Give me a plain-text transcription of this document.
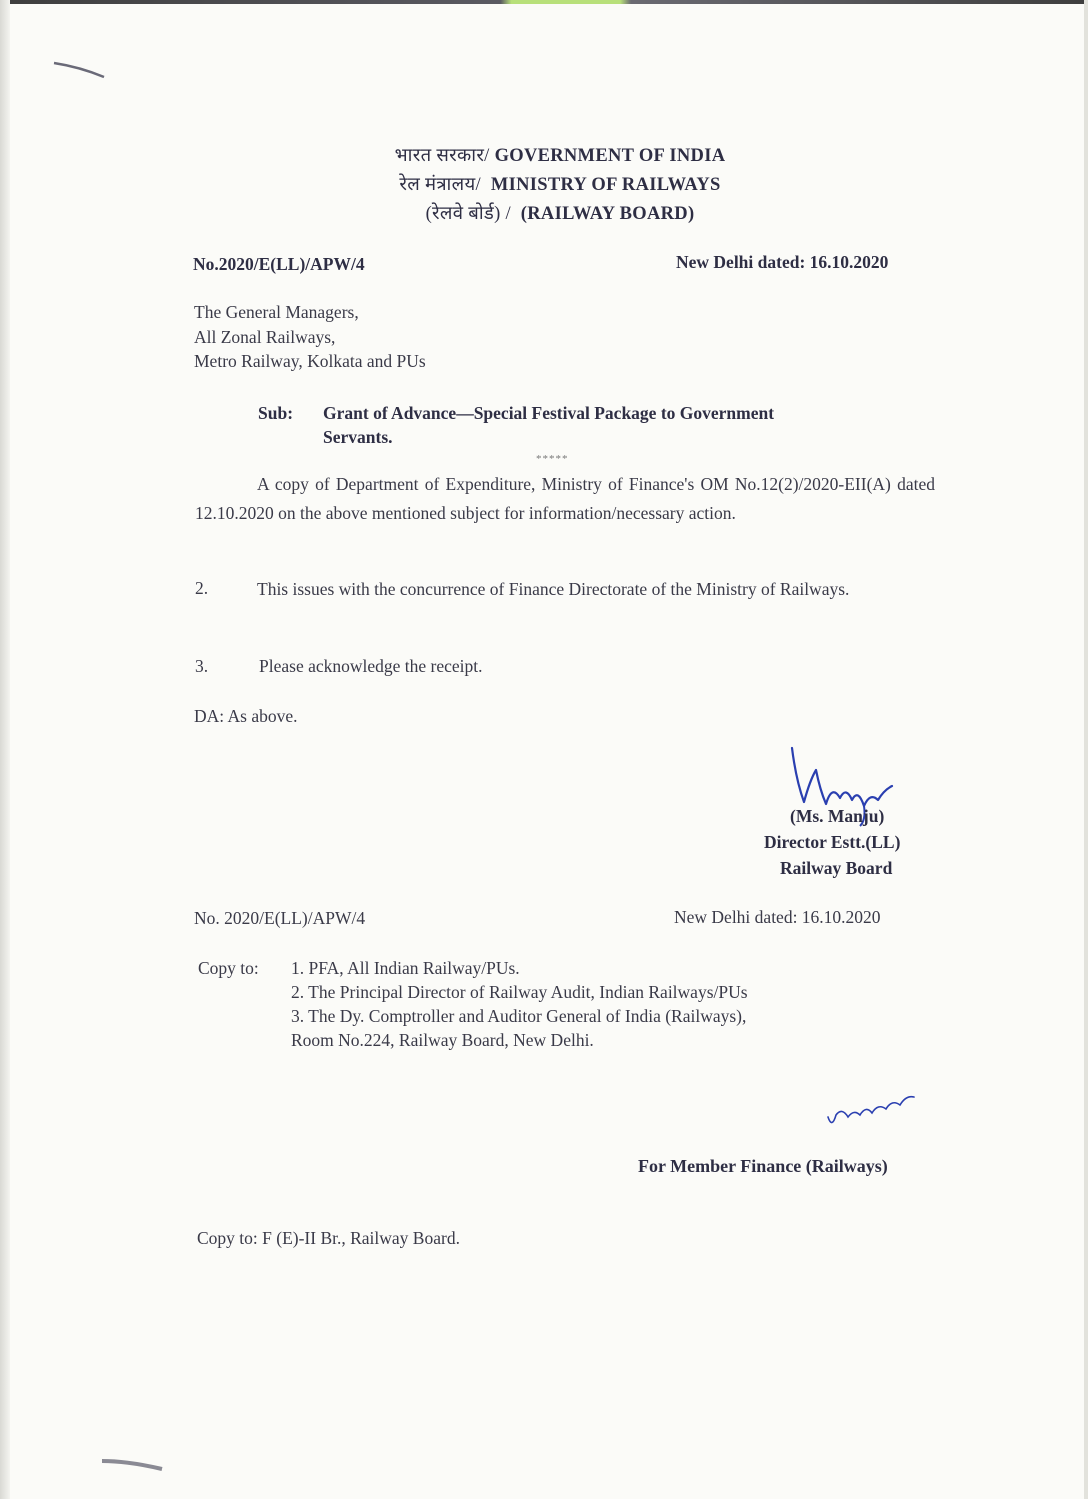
भारत सरकार/ GOVERNMENT OF INDIA
रेल मंत्रालय/ MINISTRY OF RAILWAYS
(रेलवे बोर्ड) / (RAILWAY BOARD)
No.2020/E(LL)/APW/4	New Delhi dated: 16.10.2020
The General Managers,
All Zonal Railways,
Metro Railway, Kolkata and PUs
Sub: Grant of Advance—Special Festival Package to Government
Servants.
*****
A copy of Department of Expenditure, Ministry of Finance's OM No.12(2)/2020-EII(A) dated 12.10.2020 on the above mentioned subject for information/necessary action.
2.	This issues with the concurrence of Finance Directorate of the Ministry of Railways.
3.	Please acknowledge the receipt.
DA: As above.
(Ms. Manju)
Director Estt.(LL)
Railway Board
No. 2020/E(LL)/APW/4	New Delhi dated: 16.10.2020
Copy to: 1. PFA, All Indian Railway/PUs.
2. The Principal Director of Railway Audit, Indian Railways/PUs
3. The Dy. Comptroller and Auditor General of India (Railways),
Room No.224, Railway Board, New Delhi.
For Member Finance (Railways)
Copy to: F (E)-II Br., Railway Board.
